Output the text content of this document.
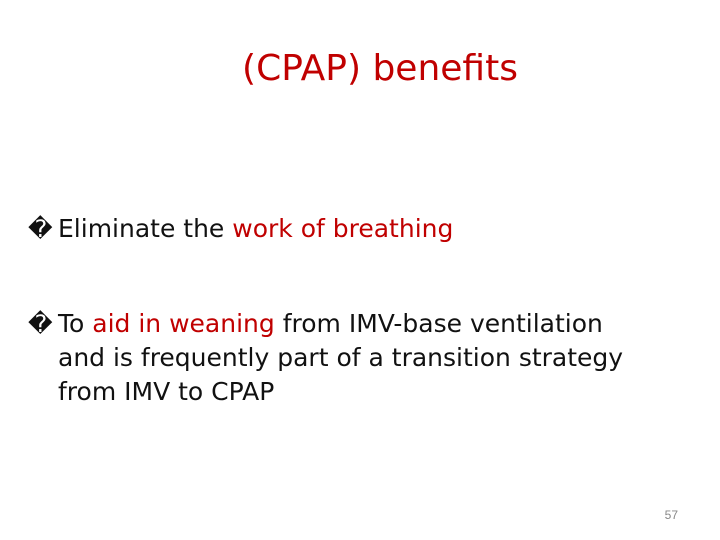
(CPAP) benefits
� Eliminate the work of breathing
� To aid in weaning from IMV-base ventilation
and is frequently part of a transition strategy
from IMV to CPAP
57
